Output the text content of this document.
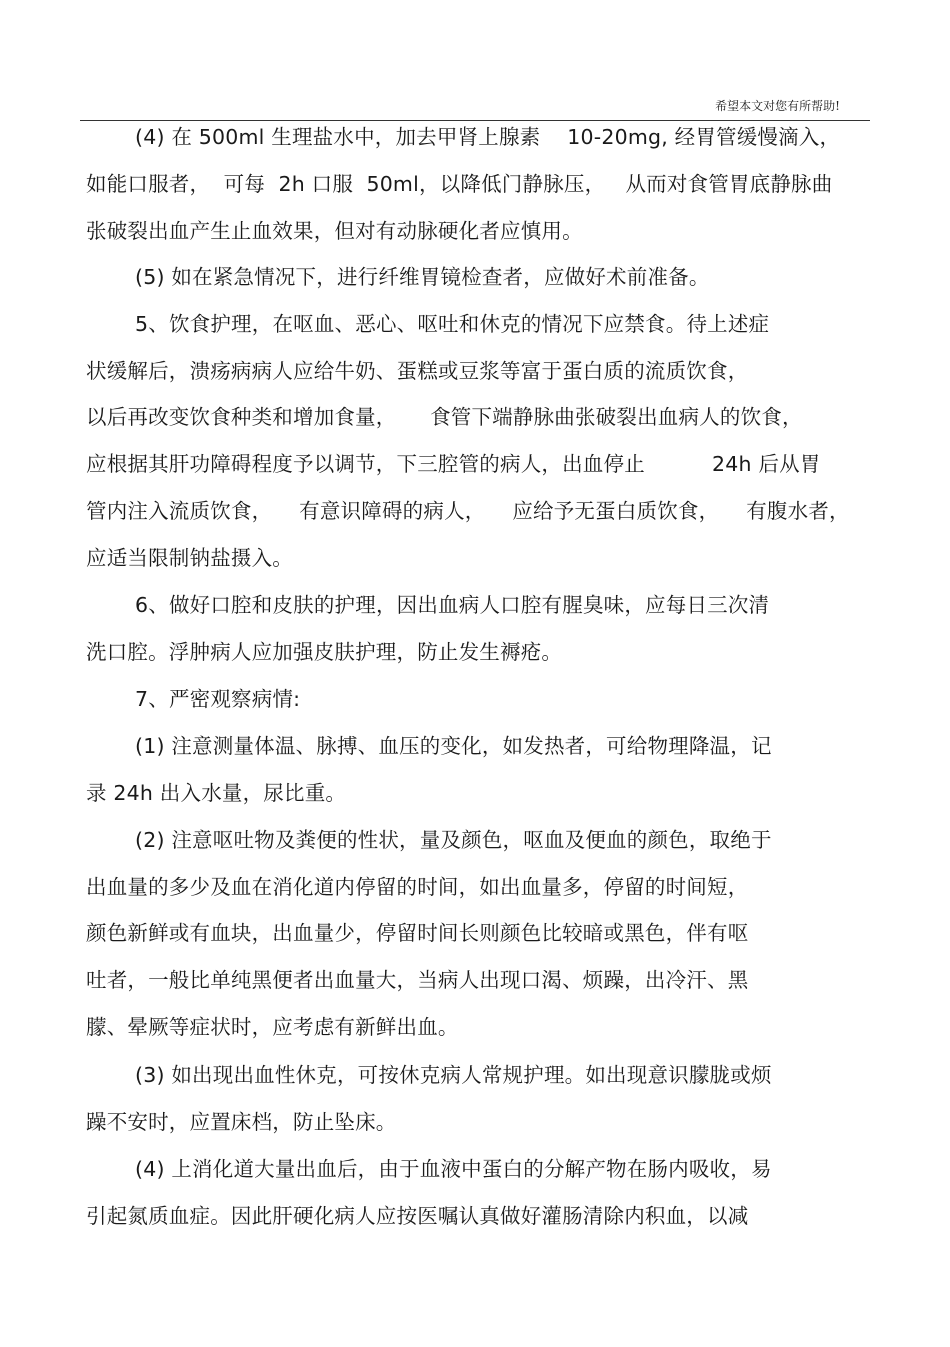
希望本文对您有所帮助!
(4) 在 500ml 生理盐水中，加去甲肾上腺素    10-20mg, 经胃管缓慢滴入，
如能口服者，  可每  2h 口服  50ml，以降低门静脉压，   从而对食管胃底静脉曲
张破裂出血产生止血效果，但对有动脉硬化者应慎用。
(5) 如在紧急情况下，进行纤维胃镜检查者，应做好术前准备。
5、饮食护理，在呕血、恶心、呕吐和休克的情况下应禁食。待上述症
状缓解后，溃疡病病人应给牛奶、蛋糕或豆浆等富于蛋白质的流质饮食，
以后再改变饮食种类和增加食量，     食管下端静脉曲张破裂出血病人的饮食，
应根据其肝功障碍程度予以调节，下三腔管的病人，出血停止          24h 后从胃
管内注入流质饮食，    有意识障碍的病人，    应给予无蛋白质饮食，    有腹水者，
应适当限制钠盐摄入。
6、做好口腔和皮肤的护理，因出血病人口腔有腥臭味，应每日三次清
洗口腔。浮肿病人应加强皮肤护理，防止发生褥疮。
7、严密观察病情:
(1) 注意测量体温、脉搏、血压的变化，如发热者，可给物理降温，记
录 24h 出入水量，尿比重。
(2) 注意呕吐物及粪便的性状，量及颜色，呕血及便血的颜色，取绝于
出血量的多少及血在消化道内停留的时间，如出血量多，停留的时间短，
颜色新鲜或有血块，出血量少，停留时间长则颜色比较暗或黑色，伴有呕
吐者，一般比单纯黑便者出血量大，当病人出现口渴、烦躁，出冷汗、黑
朦、晕厥等症状时，应考虑有新鲜出血。
(3) 如出现出血性休克，可按休克病人常规护理。如出现意识朦胧或烦
躁不安时，应置床档，防止坠床。
(4) 上消化道大量出血后，由于血液中蛋白的分解产物在肠内吸收，易
引起氮质血症。因此肝硬化病人应按医嘱认真做好灌肠清除内积血，以减
